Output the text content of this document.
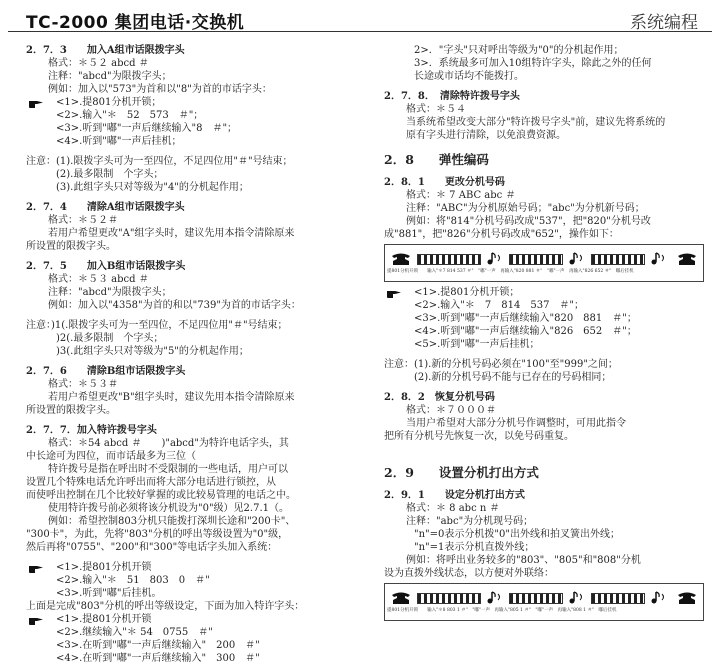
TC-2000 集团电话·交换机	系统编程
2．7．3　　加入A组市话限拨字头
格式：＊５２ abcd ＃
注释："abcd"为限拨字头；
例如：加入以"573"为首和以"8"为首的市话字头：
<1>.提801分机开锁；
<2>.输入"＊　52　573　＃"；
<3>.听到"嘟"一声后继续输入"8　＃"；
<4>.听到"嘟"一声后挂机；
注意：(1).限拨字头可为一至四位，不足四位用"＃"号结束；
(2).最多限制　个字头；
(3).此组字头只对等级为"4"的分机起作用；
2．7．4　　清除A组市话限拨字头
格式：＊５２＃
若用户希望更改"A"组字头时，建议先用本指令清除原来
所设置的限拨字头。
2．7．5　　加入B组市话限拨字头
格式：＊５３ abcd ＃
注释："abcd"为限拨字头；
例如：加入以"4358"为首的和以"739"为首的市话字头：
注意：)1(.限拨字头可为一至四位，不足四位用"＃"号结束；
)2(.最多限制　个字头；
)3(.此组字头只对等级为"5"的分机起作用；
2．7．6　　清除B组市话限拨字头
格式：＊５３＃
若用户希望更改"B"组字头时，建议先用本指令清除原来
所设置的限拨字头。
2．7．7．加入特许拨号字头
格式：＊54 abcd ＃　　)"abcd"为特许电话字头，其
中长途可为四位，而市话最多为三位（
特许拨号是指在呼出时不受限制的一些电话，用户可以
设置几个特殊电话允许呼出而将大部分电话进行锁控，从
而使呼出控制在几个比较好掌握的或比较易管理的电话之中。
使用特许拨号前必须将该分机设为"0"级）见2.7.1（。
例如：希望控制803分机只能拨打深圳长途和"200卡"、
"300卡"，为此，先将"803"分机的呼出等级设置为"0"级，
然后再将"0755"、"200"和"300"等电话字头加入系统：
<1>.提801分机开锁
<2>.输入"＊　51　803　0　＃"
<3>.听到"嘟"后挂机。
上面是完成"803"分机的呼出等级设定，下面为加入特许字头：
<1>.提801分机开锁
<2>.继续输入"＊ 54　0755　＃"
<3>.在听到"嘟"一声后继续输入"　200　＃"
<4>.在听到"嘟"一声后继续输入"　300　＃"
2>．"字头"只对呼出等级为"0"的分机起作用；
3>．系统最多可加入10组特许字头，除此之外的任何
长途或市话均不能拨打。
2．7．8．　清除特许拨号字头
格式：＊５４
当系统希望改变大部分"特许拨号字头"前，建议先将系统的
原有字头进行清除，以免浪费资源。
2．8　　弹性编码
2．8．1　　更改分机号码
格式：＊ 7 ABC abc ＃
注释："ABC"为分机原始号码；"abc"为分机新号码；
例如：将"814"分机号码改成"537"，把"820"分机号改
成"881"，把"826"分机号码改成"652"，操作如下：
提801分机开锁　　输入"＊7 814 537 ＃"　"嘟"一声　再输入"820 881 ＃"　"嘟"一声　再输入"826 652 ＃"　嘟后挂机
<1>.提801分机开锁；
<2>.输入"＊　7　814　537　＃"；
<3>.听到"嘟"一声后继续输入"820　881　＃"；
<4>.听到"嘟"一声后继续输入"826　652　＃"；
<5>.听到"嘟"一声后挂机；
注意：(1).新的分机号码必须在"100"至"999"之间；
(2).新的分机号码不能与已存在的号码相同；
2．8．2　恢复分机号码
格式：＊７０００＃
当用户希望对大部分分机号作调整时，可用此指令
把所有分机号先恢复一次，以免号码重复。
2．9　　设置分机打出方式
2．9．1　　设定分机打出方式
格式：＊ 8 abc n ＃
注释："abc"为分机现号码；
"n"=0表示分机拨"0"出外线和拍叉簧出外线；
"n"=1表示分机直拨外线；
例如：将呼出业务较多的"803"、"805"和"808"分机
设为直拨外线状态，以方便对外联络：
提801分机开锁　　输入"＊8 803 1 ＃"　"嘟"一声　再输入"805 1 ＃"　"嘟"一声　再输入"808 1 ＃"　嘟后挂机
